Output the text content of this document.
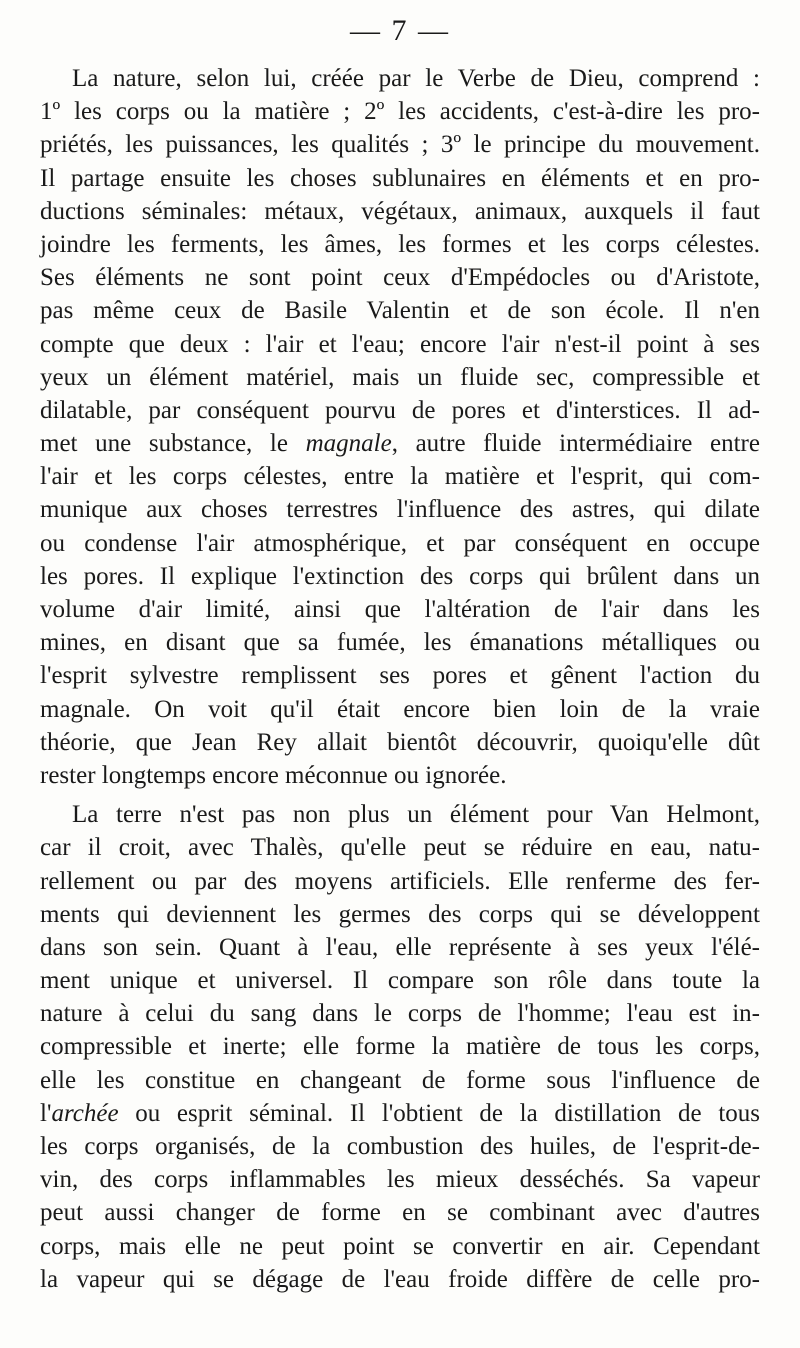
— 7 —
La nature, selon lui, créée par le Verbe de Dieu, comprend :
1º les corps ou la matière ; 2º les accidents, c'est-à-dire les pro-
priétés, les puissances, les qualités ; 3º le principe du mouvement.
Il partage ensuite les choses sublunaires en éléments et en pro-
ductions séminales: métaux, végétaux, animaux, auxquels il faut
joindre les ferments, les âmes, les formes et les corps célestes.
Ses éléments ne sont point ceux d'Empédocles ou d'Aristote,
pas même ceux de Basile Valentin et de son école. Il n'en
compte que deux : l'air et l'eau; encore l'air n'est-il point à ses
yeux un élément matériel, mais un fluide sec, compressible et
dilatable, par conséquent pourvu de pores et d'interstices. Il ad-
met une substance, le magnale, autre fluide intermédiaire entre
l'air et les corps célestes, entre la matière et l'esprit, qui com-
munique aux choses terrestres l'influence des astres, qui dilate
ou condense l'air atmosphérique, et par conséquent en occupe
les pores. Il explique l'extinction des corps qui brûlent dans un
volume d'air limité, ainsi que l'altération de l'air dans les
mines, en disant que sa fumée, les émanations métalliques ou
l'esprit sylvestre remplissent ses pores et gênent l'action du
magnale. On voit qu'il était encore bien loin de la vraie
théorie, que Jean Rey allait bientôt découvrir, quoiqu'elle dût
rester longtemps encore méconnue ou ignorée.
La terre n'est pas non plus un élément pour Van Helmont,
car il croit, avec Thalès, qu'elle peut se réduire en eau, natu-
rellement ou par des moyens artificiels. Elle renferme des fer-
ments qui deviennent les germes des corps qui se développent
dans son sein. Quant à l'eau, elle représente à ses yeux l'élé-
ment unique et universel. Il compare son rôle dans toute la
nature à celui du sang dans le corps de l'homme; l'eau est in-
compressible et inerte; elle forme la matière de tous les corps,
elle les constitue en changeant de forme sous l'influence de
l'archée ou esprit séminal. Il l'obtient de la distillation de tous
les corps organisés, de la combustion des huiles, de l'esprit-de-
vin, des corps inflammables les mieux desséchés. Sa vapeur
peut aussi changer de forme en se combinant avec d'autres
corps, mais elle ne peut point se convertir en air. Cependant
la vapeur qui se dégage de l'eau froide diffère de celle pro-
